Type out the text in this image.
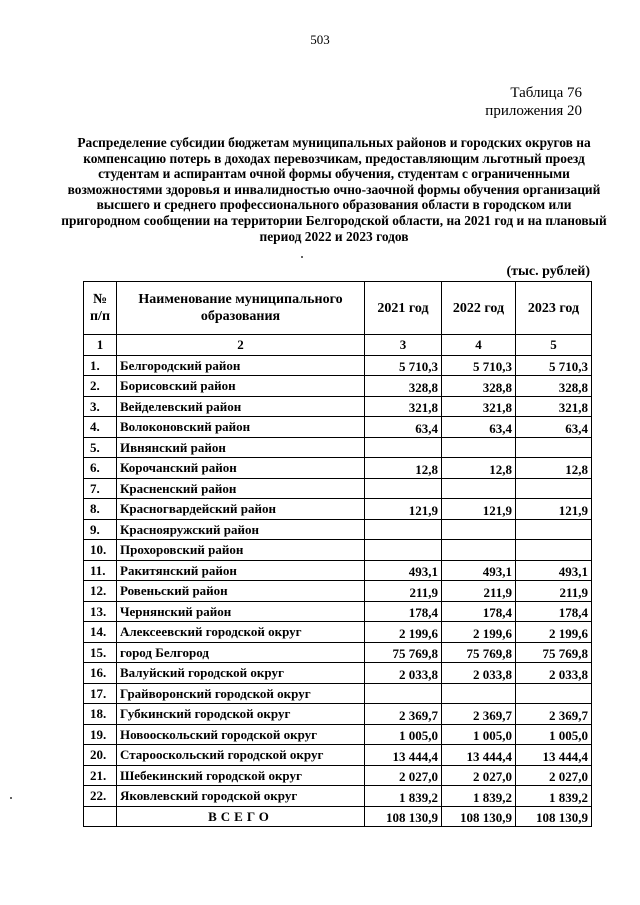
503
Таблица 76
приложения 20
Распределение субсидии бюджетам муниципальных районов и городских округов на компенсацию потерь в доходах перевозчикам, предоставляющим льготный проезд студентам и аспирантам очной формы обучения, студентам с ограниченными возможностями здоровья и инвалидностью очно-заочной формы обучения организаций высшего и среднего профессионального образования области в городском или пригородном сообщении на территории Белгородской области, на 2021 год и на плановый период 2022 и 2023 годов
(тыс. рублей)
№ п/п	Наименование муниципального образования	2021 год	2022 год	2023 год
1	2	3	4	5
1.	Белгородский район	5 710,3	5 710,3	5 710,3
2.	Борисовский район	328,8	328,8	328,8
3.	Вейделевский район	321,8	321,8	321,8
4.	Волоконовский район	63,4	63,4	63,4
5.	Ивнянский район			
6.	Корочанский район	12,8	12,8	12,8
7.	Красненский район			
8.	Красногвардейский район	121,9	121,9	121,9
9.	Краснояружский район			
10.	Прохоровский район			
11.	Ракитянский район	493,1	493,1	493,1
12.	Ровеньский район	211,9	211,9	211,9
13.	Чернянский район	178,4	178,4	178,4
14.	Алексеевский городской округ	2 199,6	2 199,6	2 199,6
15.	город Белгород	75 769,8	75 769,8	75 769,8
16.	Валуйский городской округ	2 033,8	2 033,8	2 033,8
17.	Грайворонский городской округ			
18.	Губкинский городской округ	2 369,7	2 369,7	2 369,7
19.	Новооскольский городской округ	1 005,0	1 005,0	1 005,0
20.	Старооскольский городской округ	13 444,4	13 444,4	13 444,4
21.	Шебекинский городской округ	2 027,0	2 027,0	2 027,0
22.	Яковлевский городской округ	1 839,2	1 839,2	1 839,2
	ВСЕГО	108 130,9	108 130,9	108 130,9
